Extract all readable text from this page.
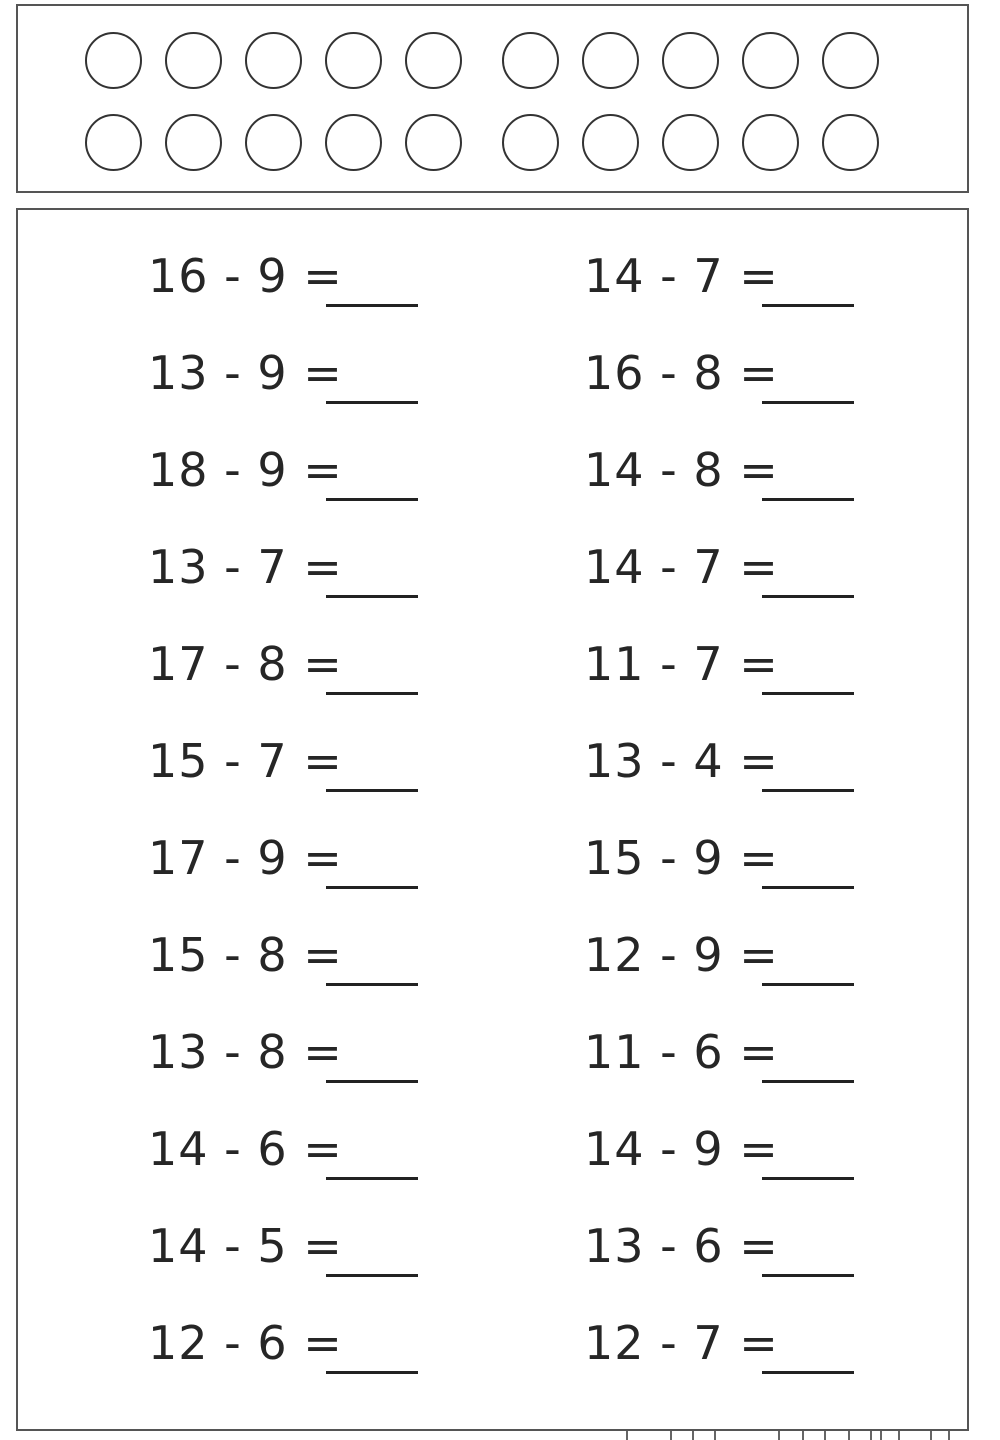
16 - 9 =
13 - 9 =
18 - 9 =
13 - 7 =
17 - 8 =
15 - 7 =
17 - 9 =
15 - 8 =
13 - 8 =
14 - 6 =
14 - 5 =
12 - 6 =
14 - 7 =
16 - 8 =
14 - 8 =
14 - 7 =
11 - 7 =
13 - 4 =
15 - 9 =
12 - 9 =
11 - 6 =
14 - 9 =
13 - 6 =
12 - 7 =
